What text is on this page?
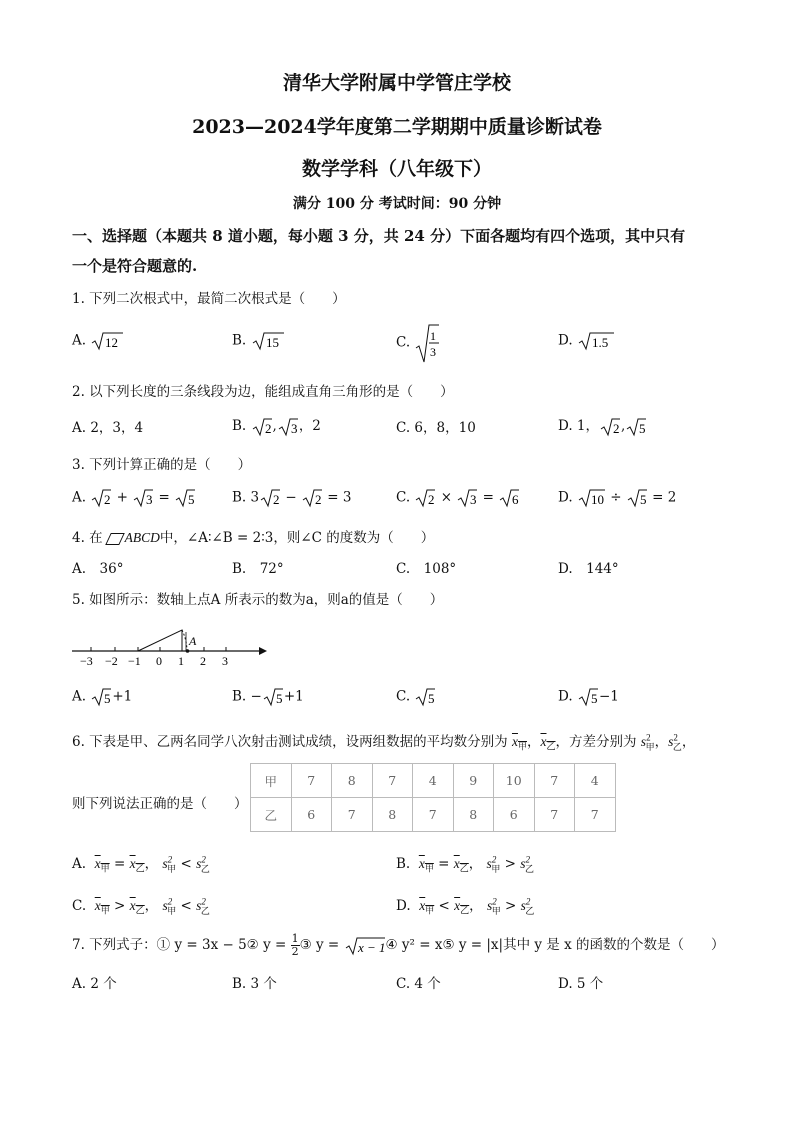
清华大学附属中学管庄学校
2023—2024学年度第二学期期中质量诊断试卷
数学学科（八年级下）
满分 100 分 考试时间：90 分钟
一、选择题（本题共 8 道小题，每小题 3 分，共 24 分）下面各题均有四个选项，其中只有
一个是符合题意的.
1. 下列二次根式中，最简二次根式是（　　）
A. 12	B. 15	C. 1
3
D. 1.5
2. 以下列长度的三条线段为边，能组成直角三角形的是（　　）
A. 2，3，4	B. 2 , 3 ，2	C. 6，8，10	D. 1， 2 , 5
3. 下列计算正确的是（　　）
A. 2 + 3 = 5	B. 3 2 − 2 = 3	C. 2 × 3 = 6	D. 10 ÷ 5 = 2
4. 在 ABCD中，∠A∶∠B = 2∶3，则∠C 的度数为（　　）
A.　36°	B.　72°	C.　108°	D.　144°
5. 如图所示：数轴上点A 所表示的数为a，则a的值是（　　）
A
−3 −2 −1 0 1 2 3
A. 5 +1	B. − 5 +1	C. 5	D. 5 −1
6. 下表是甲、乙两名同学八次射击测试成绩，设两组数据的平均数分别为 $x_甲$，$x_乙$，方差分别为 $s^2_甲$，$s^2_乙$，
则下列说法正确的是（　　）
甲	7	8	7	4	9	10	7	4
乙	6	7	8	7	8	6	7	7
A. $x_甲 = x_乙$， $s^2_甲 < s^2_乙$	B. $x_甲 = x_乙$， $s^2_甲 > s^2_乙$
C. $x_甲 > x_乙$， $s^2_甲 < s^2_乙$	D. $x_甲 < x_乙$， $s^2_甲 > s^2_乙$
7. 下列式子：① y = 3x − 5② $y = \frac{1}{2}$ ③ y = x − 1 ④ y² = x⑤ y = |x|其中 y 是 x 的函数的个数是（　　）
A. 2 个	B. 3 个	C. 4 个	D. 5 个
